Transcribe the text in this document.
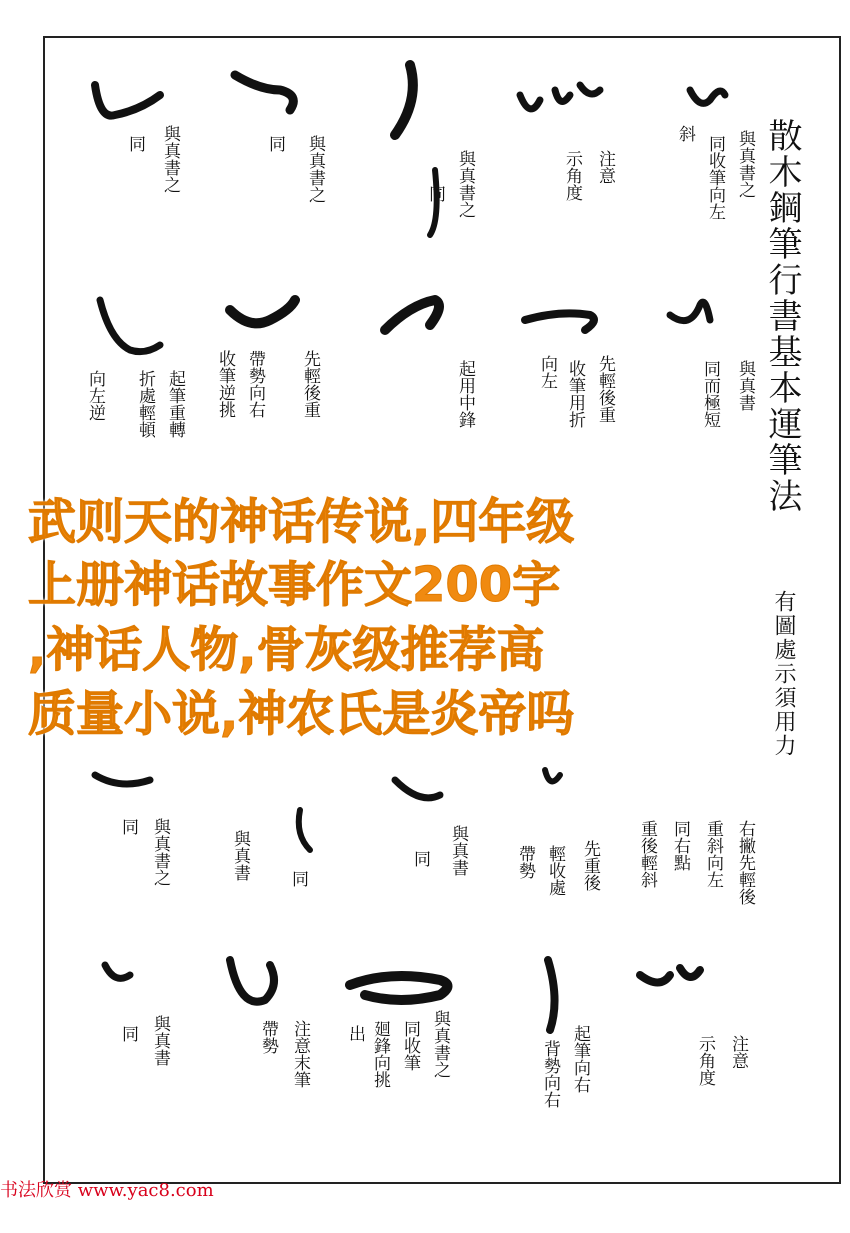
散木鋼筆行書基本運筆法
有圖處示須用力
同 與真書之	同 與真書之	同 與真書之	示角度 注意
斜
同收筆向左 與真書之
向左逆	起筆重轉
折處輕頓	收筆逆挑 帶勢向右 先輕後重	起用中鋒	向左 收筆用折 先輕後重	同而極短 與真書
同 與真書之	同
與真書
同
與真書	帶勢 輕收處 先重後 重後輕斜 同右點 重斜向左 右撇先輕後
同 與真書	帶勢 注意末筆 出 廻鋒向挑 同收筆 與真書之	背勢向右 起筆向右	示角度 注意
武则天的神话传说,四年级
上册神话故事作文200字
,神话人物,骨灰级推荐高
质量小说,神农氏是炎帝吗
书法欣赏 www.yac8.com
